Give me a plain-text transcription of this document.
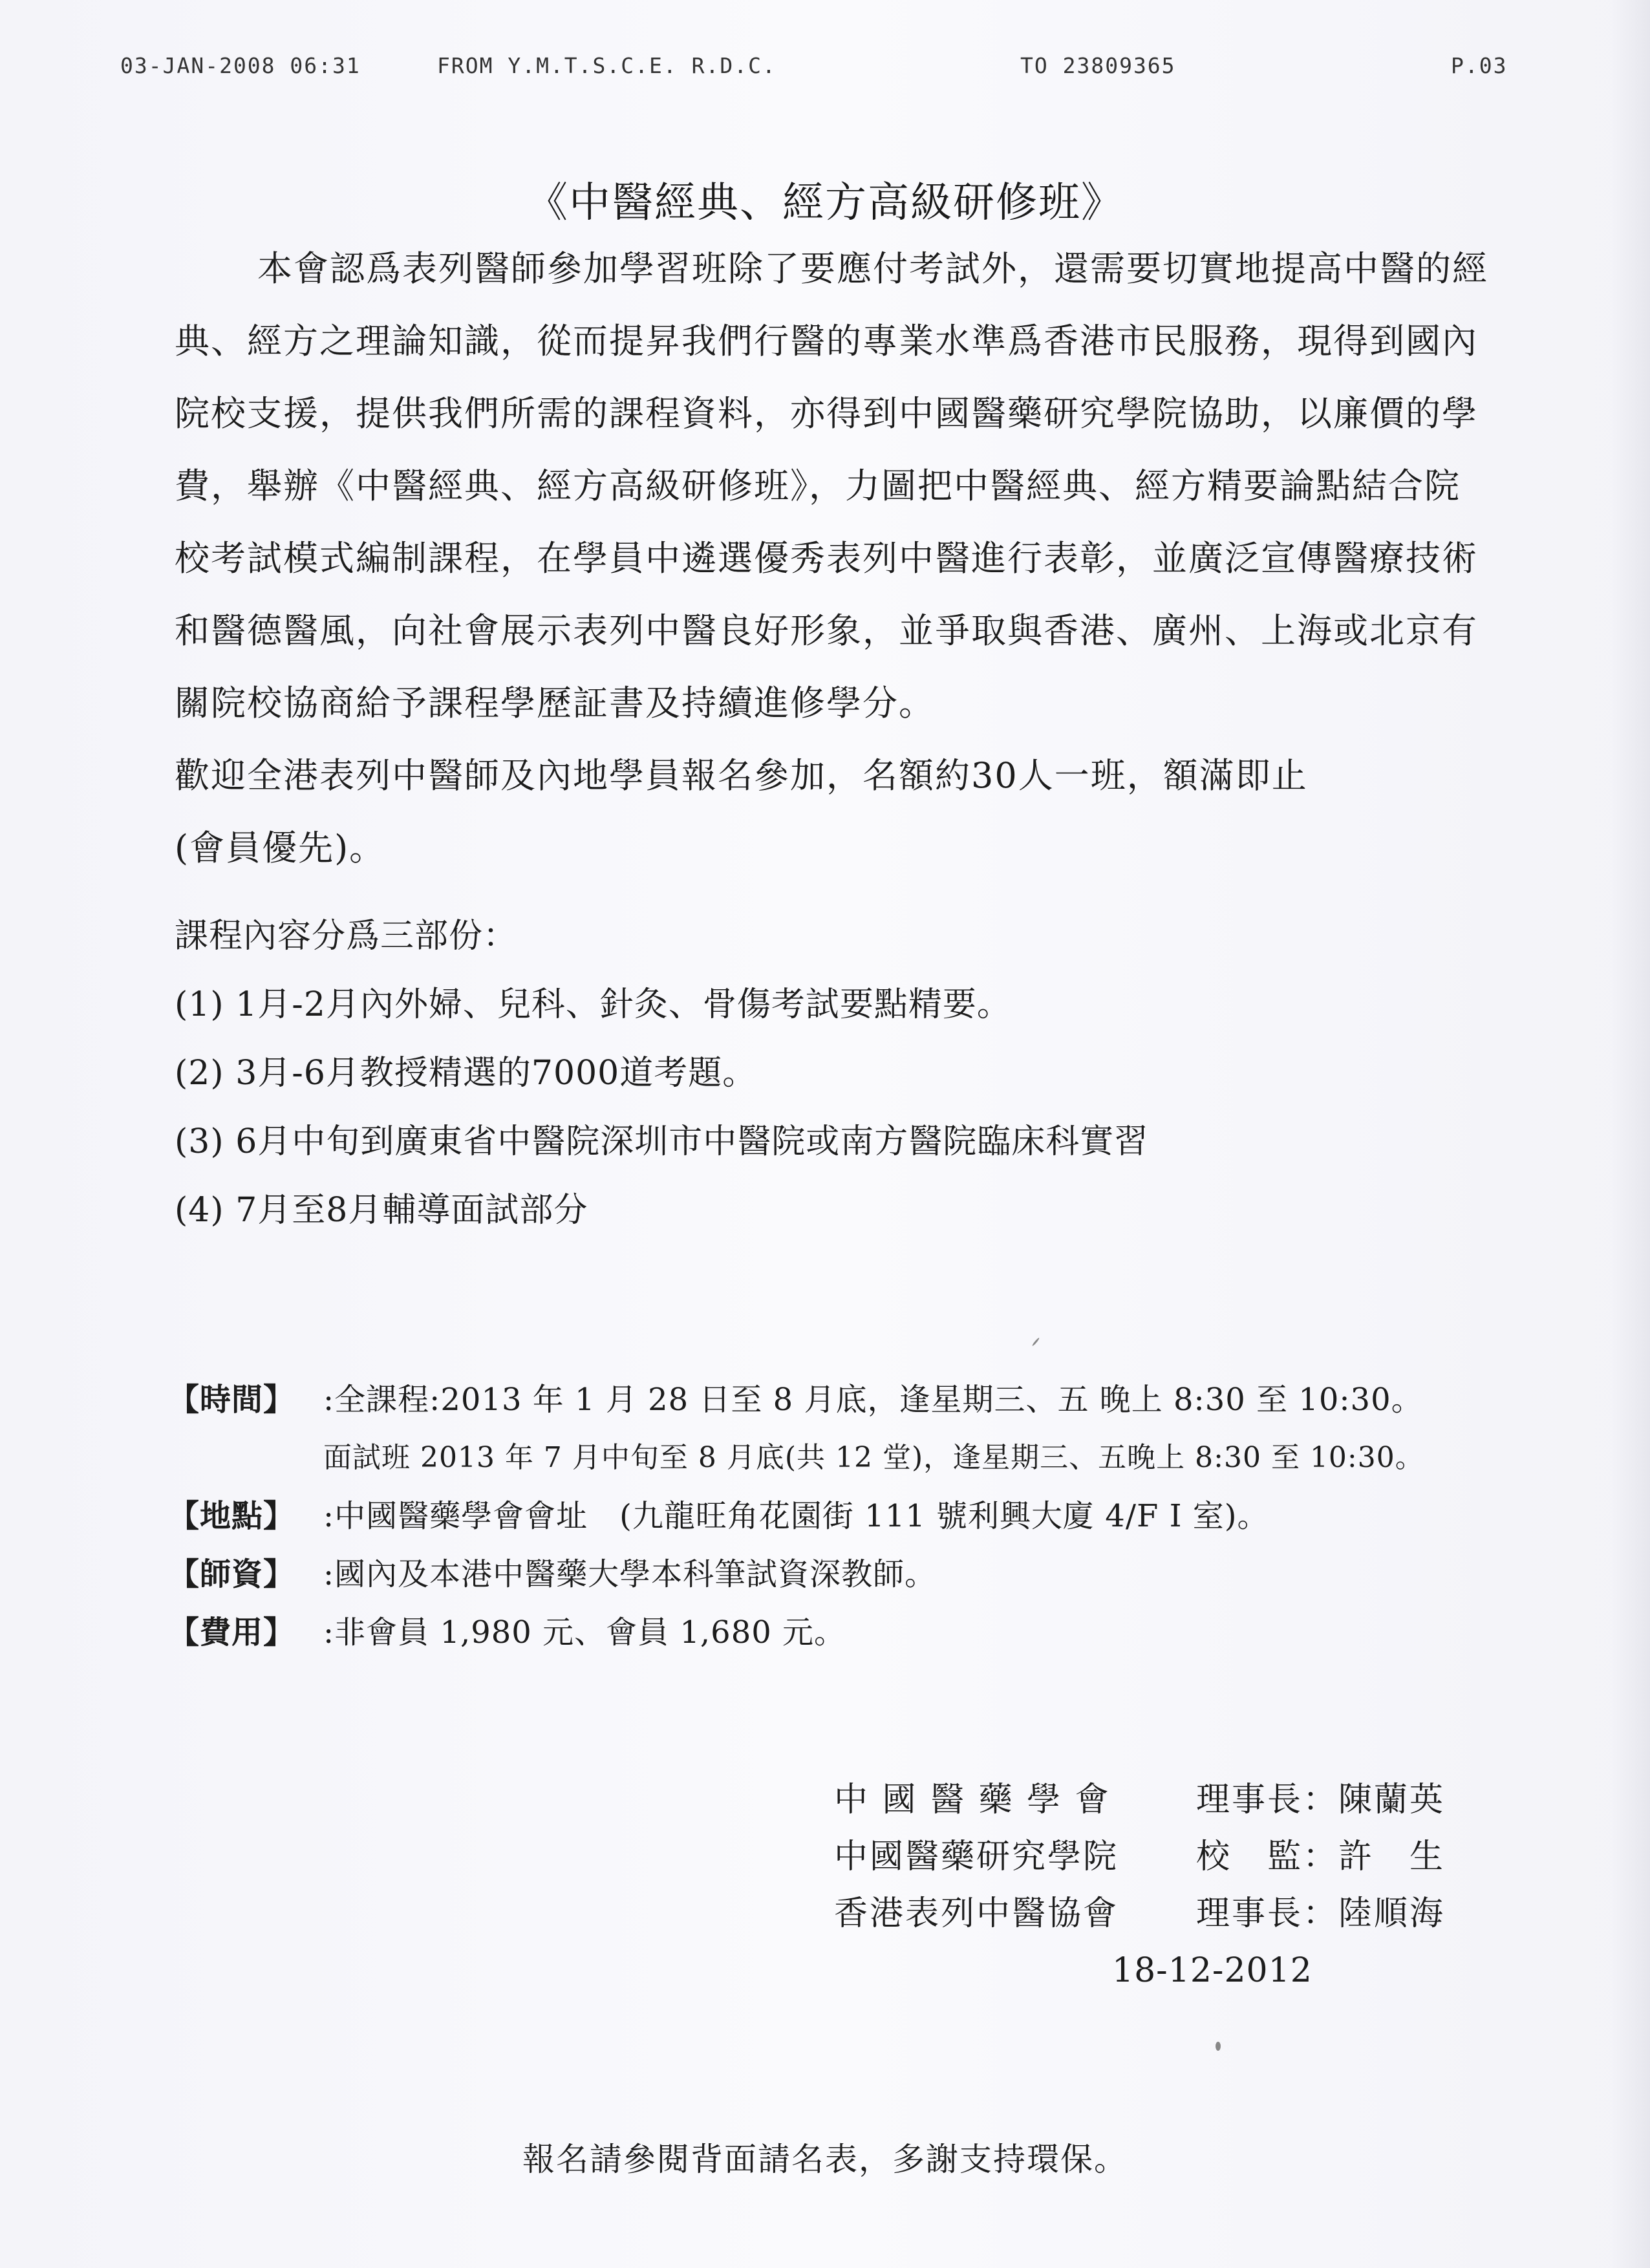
03-JAN-2008 06:31	FROM Y.M.T.S.C.E. R.D.C.	TO 23809365	P.03
《中醫經典、經方高級研修班》

本會認爲表列醫師參加學習班除了要應付考試外，還需要切實地提高中醫的經典、經方之理論知識，從而提昇我們行醫的專業水準爲香港市民服務，現得到國內院校支援，提供我們所需的課程資料，亦得到中國醫藥研究學院協助，以廉價的學費，舉辦《中醫經典、經方高級研修班》，力圖把中醫經典、經方精要論點結合院校考試模式編制課程，在學員中遴選優秀表列中醫進行表彰，並廣泛宣傳醫療技術和醫德醫風，向社會展示表列中醫良好形象，並爭取與香港、廣州、上海或北京有關院校協商給予課程學歷証書及持續進修學分。

歡迎全港表列中醫師及內地學員報名參加，名額約30人一班，額滿即止

(會員優先)。

課程內容分爲三部份：
(1) 1月-2月內外婦、兒科、針灸、骨傷考試要點精要。
(2) 3月-6月教授精選的7000道考題。
(3) 6月中旬到廣東省中醫院深圳市中醫院或南方醫院臨床科實習
(4) 7月至8月輔導面試部分
【時間】 :全課程:2013 年 1 月 28 日至 8 月底，逢星期三、五 晚上 8:30 至 10:30。
面試班 2013 年 7 月中旬至 8 月底(共 12 堂)，逢星期三、五晚上 8:30 至 10:30。
【地點】 :中國醫藥學會會址　(九龍旺角花園街 111 號利興大廈 4/F I 室)。
【師資】 :國內及本港中醫藥大學本科筆試資深教師。
【費用】 :非會員 1,980 元、會員 1,680 元。
中 國 醫 藥 學 會	理事長：陳蘭英
中國醫藥研究學院	校　監：許　生
香港表列中醫協會	理事長：陸順海
18-12-2012
報名請參閱背面請名表，多謝支持環保。
